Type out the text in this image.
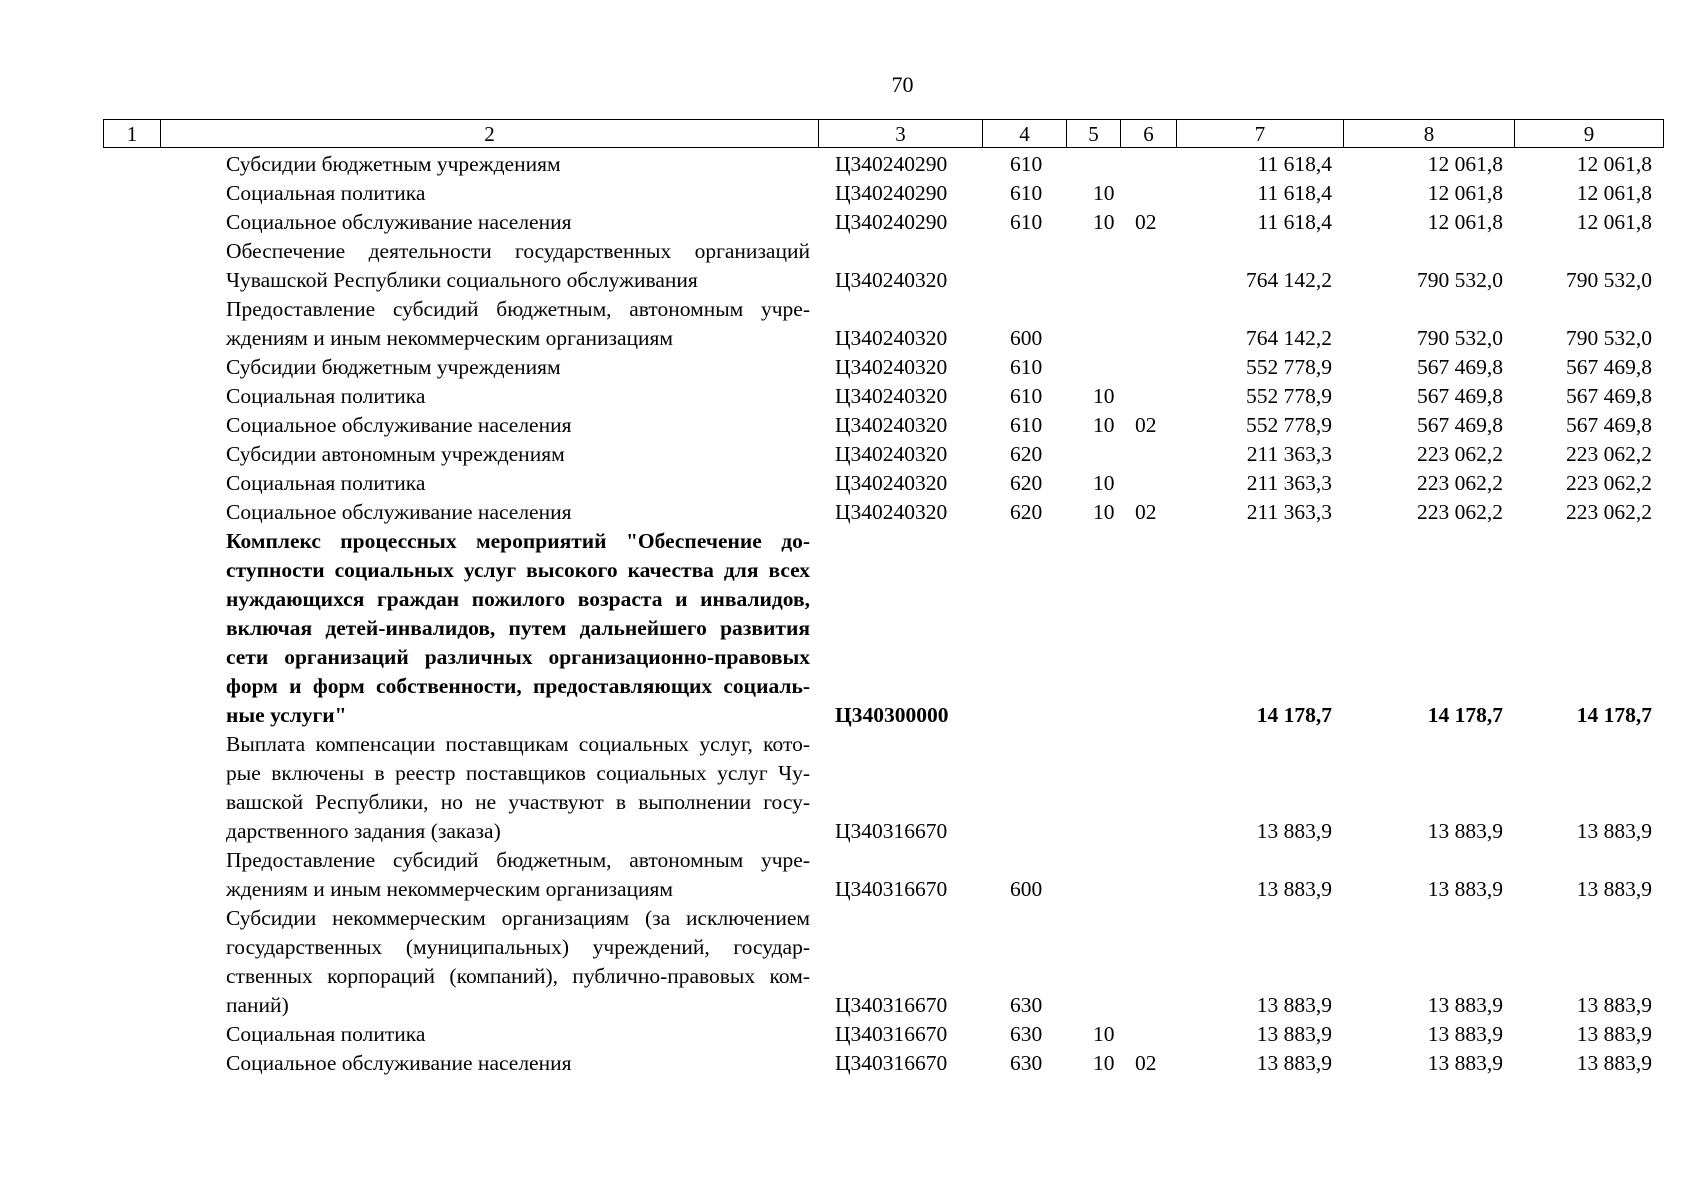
70
1	2	3	4	5	6	7	8	9
	Субсидии бюджетным учреждениям	Ц340240290	610			11 618,4	12 061,8	12 061,8
	Социальная политика	Ц340240290	610	10		11 618,4	12 061,8	12 061,8
	Социальное обслуживание населения	Ц340240290	610	10	02	11 618,4	12 061,8	12 061,8
	Обеспечение деятельности государственных организаций Чувашской Республики социального обслуживания	Ц340240320				764 142,2	790 532,0	790 532,0
	Предоставление субсидий бюджетным, автономным учре- ждениям и иным некоммерческим организациям	Ц340240320	600			764 142,2	790 532,0	790 532,0
	Субсидии бюджетным учреждениям	Ц340240320	610			552 778,9	567 469,8	567 469,8
	Социальная политика	Ц340240320	610	10		552 778,9	567 469,8	567 469,8
	Социальное обслуживание населения	Ц340240320	610	10	02	552 778,9	567 469,8	567 469,8
	Субсидии автономным учреждениям	Ц340240320	620			211 363,3	223 062,2	223 062,2
	Социальная политика	Ц340240320	620	10		211 363,3	223 062,2	223 062,2
	Социальное обслуживание населения	Ц340240320	620	10	02	211 363,3	223 062,2	223 062,2
	Комплекс процессных мероприятий "Обеспечение до- ступности социальных услуг высокого качества для всех нуждающихся граждан пожилого возраста и инвалидов, включая детей-инвалидов, путем дальнейшего развития сети организаций различных организационно-правовых форм и форм собственности, предоставляющих социаль- ные услуги"	Ц340300000				14 178,7	14 178,7	14 178,7
	Выплата компенсации поставщикам социальных услуг, кото- рые включены в реестр поставщиков социальных услуг Чу- вашской Республики, но не участвуют в выполнении госу- дарственного задания (заказа)	Ц340316670				13 883,9	13 883,9	13 883,9
	Предоставление субсидий бюджетным, автономным учре- ждениям и иным некоммерческим организациям	Ц340316670	600			13 883,9	13 883,9	13 883,9
	Субсидии некоммерческим организациям (за исключением государственных (муниципальных) учреждений, государ- ственных корпораций (компаний), публично-правовых ком- паний)	Ц340316670	630			13 883,9	13 883,9	13 883,9
	Социальная политика	Ц340316670	630	10		13 883,9	13 883,9	13 883,9
	Социальное обслуживание населения	Ц340316670	630	10	02	13 883,9	13 883,9	13 883,9
